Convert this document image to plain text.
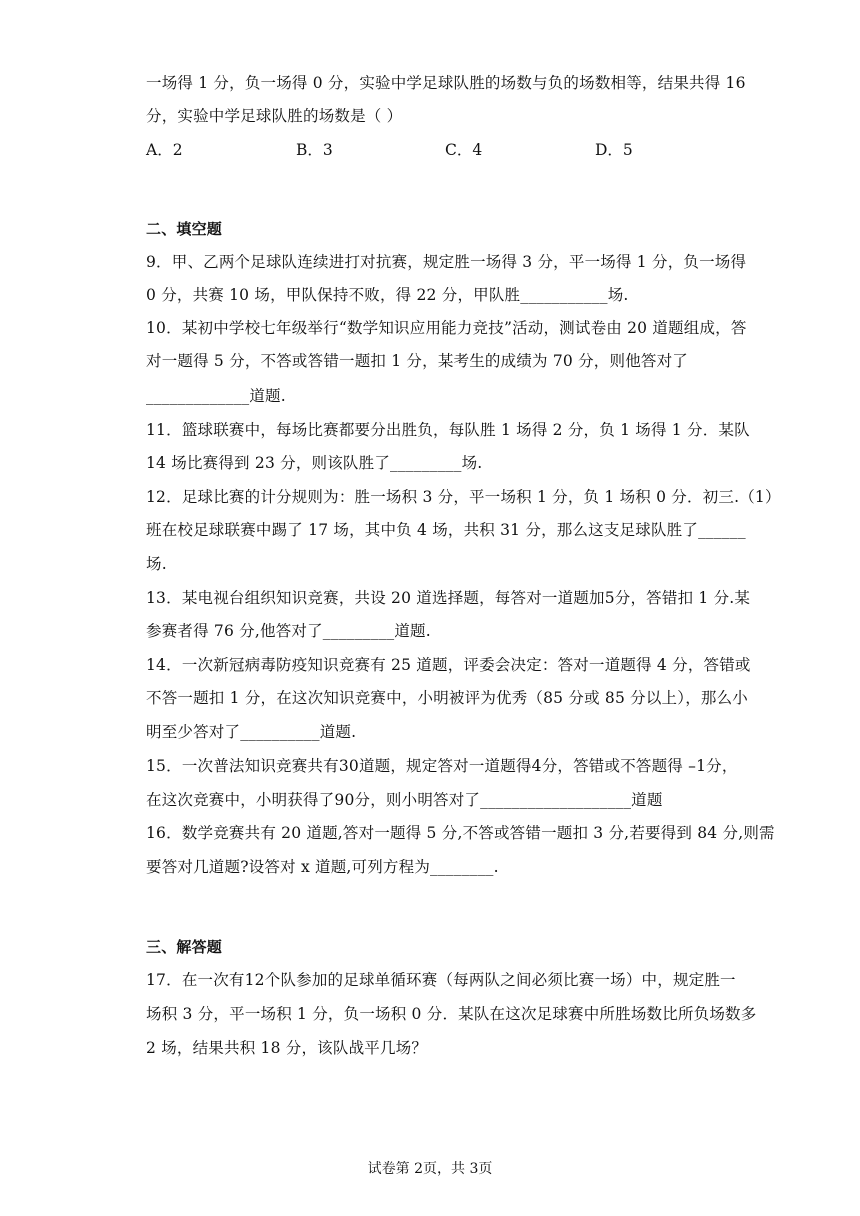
一场得 1 分，负一场得 0 分，实验中学足球队胜的场数与负的场数相等，结果共得 16
分，实验中学足球队胜的场数是（ ）
A．2	B．3	C．4	D．5
二、填空题
9．甲、乙两个足球队连续进打对抗赛，规定胜一场得 3 分，平一场得 1 分，负一场得
0 分，共赛 10 场，甲队保持不败，得 22 分，甲队胜___________场.
10．某初中学校七年级举行“数学知识应用能力竞技”活动，测试卷由 20 道题组成，答
对一题得 5 分，不答或答错一题扣 1 分，某考生的成绩为 70 分，则他答对了
_____________道题.
11．篮球联赛中，每场比赛都要分出胜负，每队胜 1 场得 2 分，负 1 场得 1 分．某队
14 场比赛得到 23 分，则该队胜了_________场.
12．足球比赛的计分规则为：胜一场积 3 分，平一场积 1 分，负 1 场积 0 分．初三.（1）
班在校足球联赛中踢了 17 场，其中负 4 场，共积 31 分，那么这支足球队胜了______
场.
13．某电视台组织知识竞赛，共设 20 道选择题，每答对一道题加5分，答错扣 1 分.某
参赛者得 76 分,他答对了_________道题.
14．一次新冠病毒防疫知识竞赛有 25 道题，评委会决定：答对一道题得 4 分，答错或
不答一题扣 1 分，在这次知识竞赛中，小明被评为优秀（85 分或 85 分以上），那么小
明至少答对了__________道题.
15．一次普法知识竞赛共有30道题，规定答对一道题得4分，答错或不答题得 –1分，
在这次竞赛中，小明获得了90分，则小明答对了___________________道题
16．数学竞赛共有 20 道题,答对一题得 5 分,不答或答错一题扣 3 分,若要得到 84 分,则需
要答对几道题?设答对 x 道题,可列方程为________.
三、解答题
17．在一次有12个队参加的足球单循环赛（每两队之间必须比赛一场）中，规定胜一
场积 3 分，平一场积 1 分，负一场积 0 分．某队在这次足球赛中所胜场数比所负场数多
2 场，结果共积 18 分，该队战平几场？
试卷第 2页，共 3页
